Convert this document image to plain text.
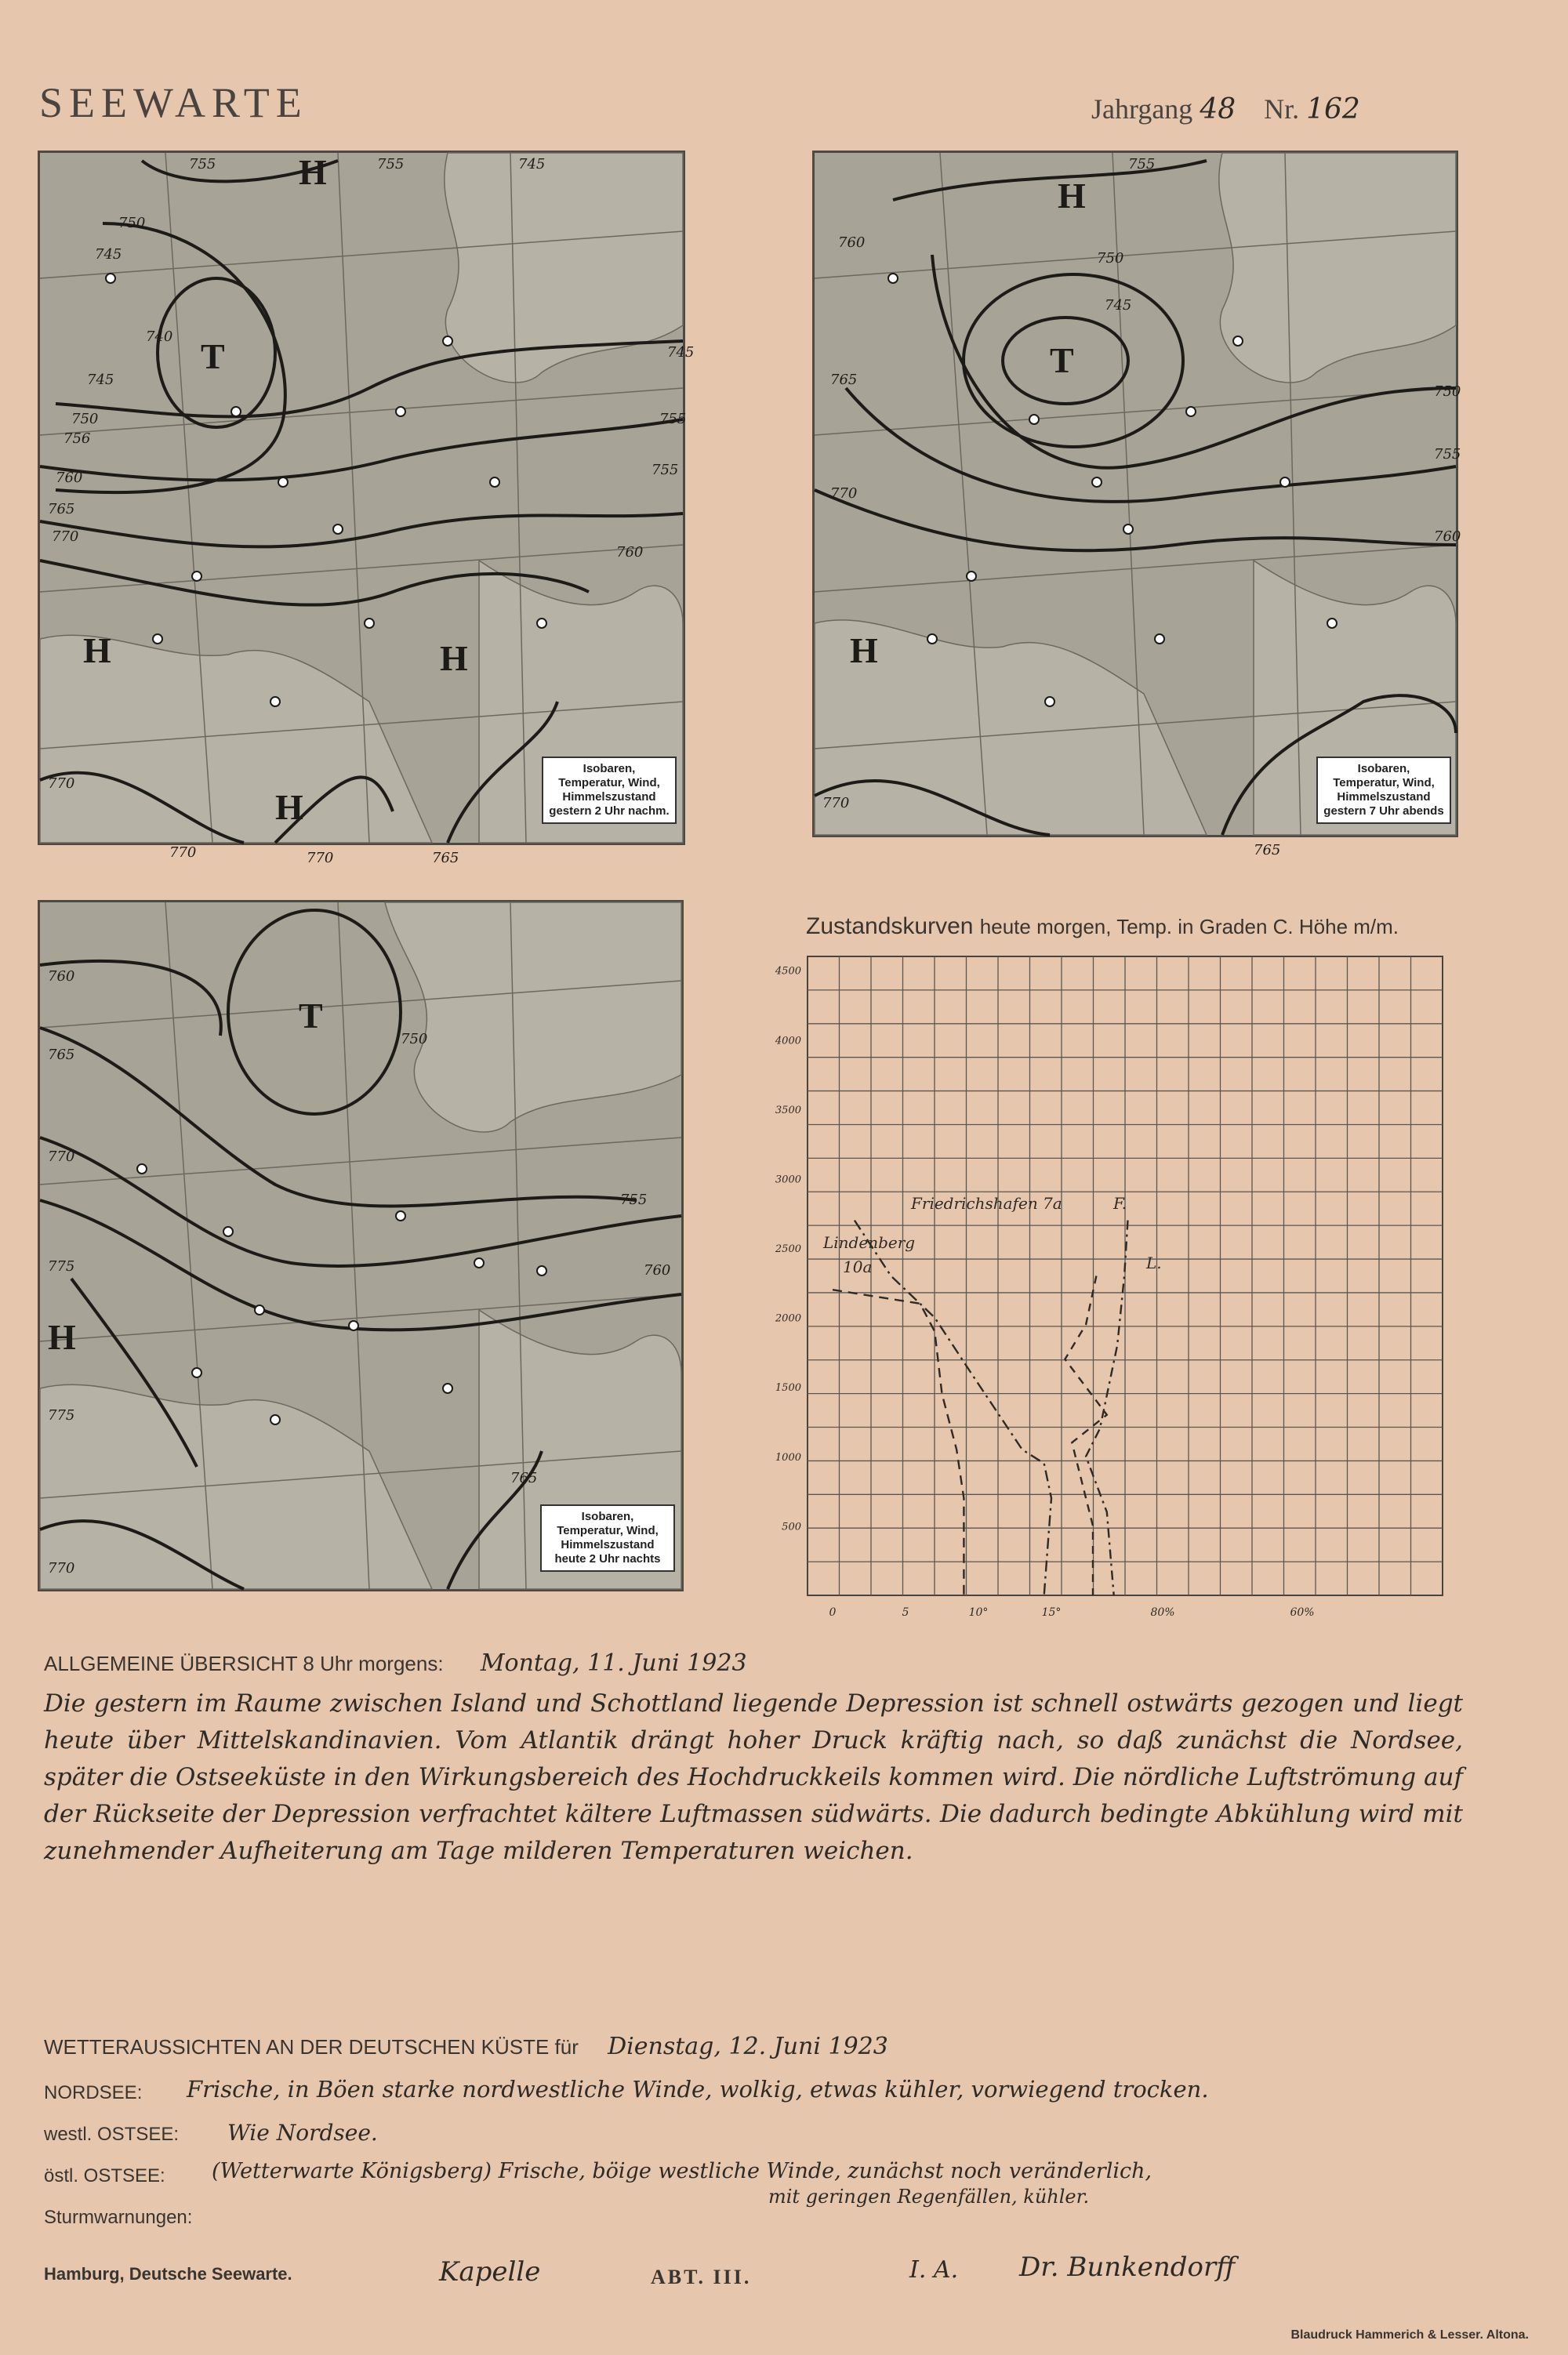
SEEWARTE	Jahrgang 48 Nr. 162
H
T
H	H
H
755	755	745
750
745
740
745
750
756
760
765
770
745
755
755
760
770
770	770	765
Isobaren,
Temperatur, Wind,
Himmelszustand
gestern 2 Uhr nachm.
H
T
H
755
750
745
760
765
770
750
755
760
770
765
Isobaren,
Temperatur, Wind,
Himmelszustand
gestern 7 Uhr abends
T
H
760
765
770
750
755
760
775
775
765
770
Isobaren,
Temperatur, Wind,
Himmelszustand
heute 2 Uhr nachts
Zustandskurven heute morgen, Temp. in Graden C. Höhe m/m.
4500
4000
3500
3000
2500
2000
1500
1000
500
0	5	10°	15°	80%	60%
Friedrichshafen 7a	F.
Lindenberg
10a	L.
ALLGEMEINE ÜBERSICHT 8 Uhr morgens: Montag, 11. Juni 1923
Die gestern im Raume zwischen Island und Schottland liegende Depression ist schnell ostwärts gezogen und liegt heute über Mittelskandinavien. Vom Atlantik drängt hoher Druck kräftig nach, so daß zunächst die Nordsee, später die Ostseeküste in den Wirkungsbereich des Hochdruckkeils kommen wird. Die nördliche Luftströmung auf der Rückseite der Depression verfrachtet kältere Luftmassen südwärts. Die dadurch bedingte Abkühlung wird mit zunehmender Aufheiterung am Tage milderen Temperaturen weichen.
WETTERAUSSICHTEN AN DER DEUTSCHEN KÜSTE für Dienstag, 12. Juni 1923
NORDSEE: Frische, in Böen starke nordwestliche Winde, wolkig, etwas kühler, vorwiegend trocken.
westl. OSTSEE: Wie Nordsee.
östl. OSTSEE: (Wetterwarte Königsberg) Frische, böige westliche Winde, zunächst noch veränderlich,
mit geringen Regenfällen, kühler.
Sturmwarnungen:
Hamburg, Deutsche Seewarte.	Kapelle	ABT. III.	I. A. Dr. Bunkendorff
Blaudruck Hammerich & Lesser. Altona.
